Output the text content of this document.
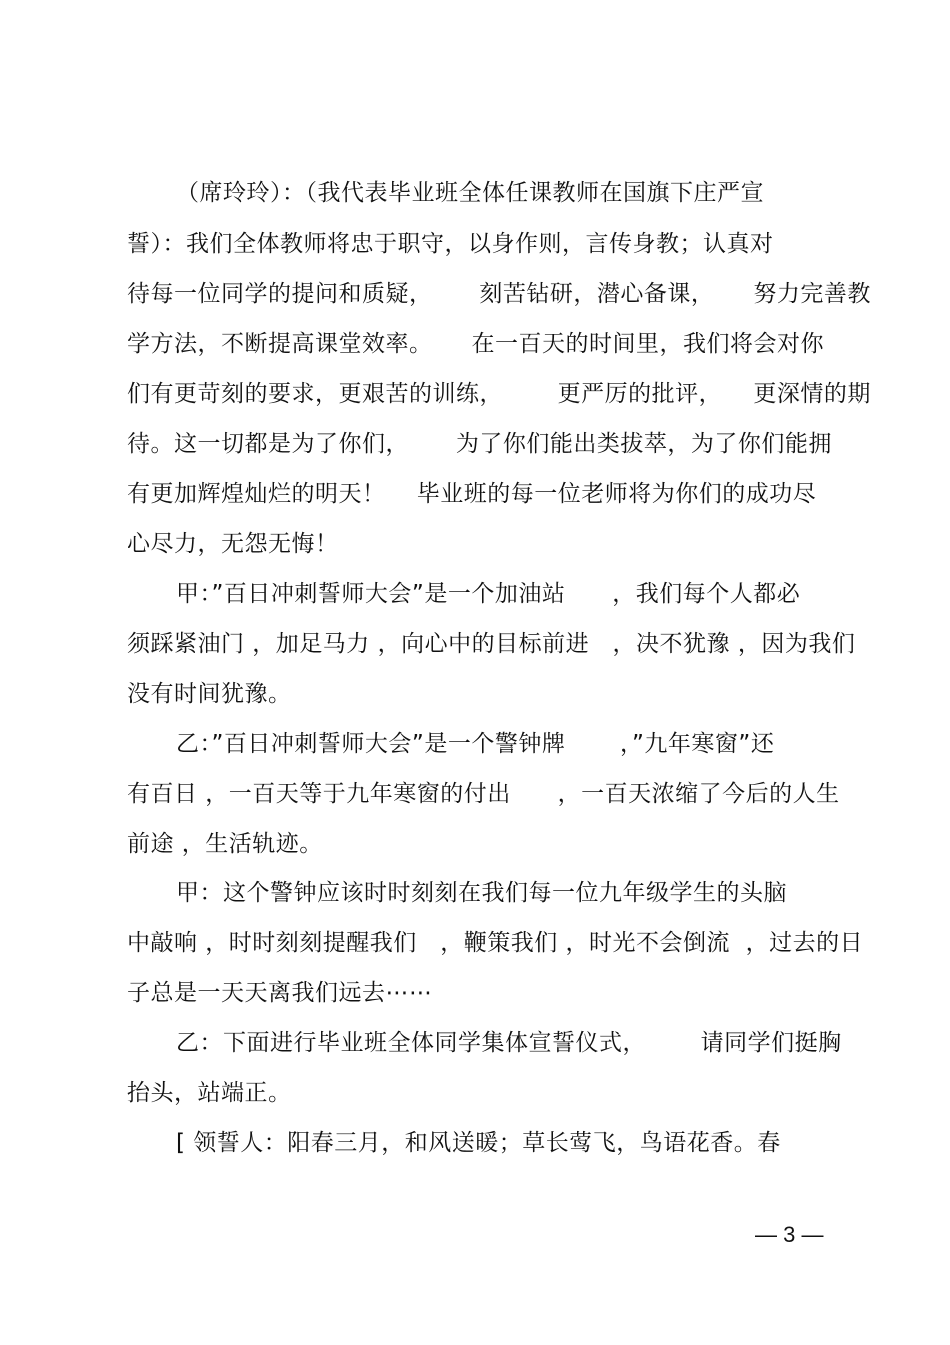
（席玲玲）：（我代表毕业班全体任课教师在国旗下庄严宣
誓）：我们全体教师将忠于职守，以身作则，言传身教；认真对
待每一位同学的提问和质疑，      刻苦钻研，潜心备课，     努力完善教
学方法，不断提高课堂效率。     在一百天的时间里，我们将会对你
们有更苛刻的要求，更艰苦的训练，       更严厉的批评，    更深情的期
待。这一切都是为了你们，      为了你们能出类拔萃，为了你们能拥
有更加辉煌灿烂的明天！    毕业班的每一位老师将为你们的成功尽
心尽力，无怨无悔！
甲：”百日冲刺誓师大会”是一个加油站      ，我们每个人都必
须踩紧油门 ，加足马力 ，向心中的目标前进   ，决不犹豫 ，因为我们
没有时间犹豫。
乙：”百日冲刺誓师大会”是一个警钟牌       ，”九年寒窗”还
有百日 ，一百天等于九年寒窗的付出      ，一百天浓缩了今后的人生
前途 ，生活轨迹。
甲：这个警钟应该时时刻刻在我们每一位九年级学生的头脑
中敲响 ，时时刻刻提醒我们   ，鞭策我们 ，时光不会倒流  ，过去的日
子总是一天天离我们远去⋯⋯
乙：下面进行毕业班全体同学集体宣誓仪式，       请同学们挺胸
抬头，站端正。
[ 领誓人：阳春三月，和风送暖；草长莺飞，鸟语花香。春
— 3 —
